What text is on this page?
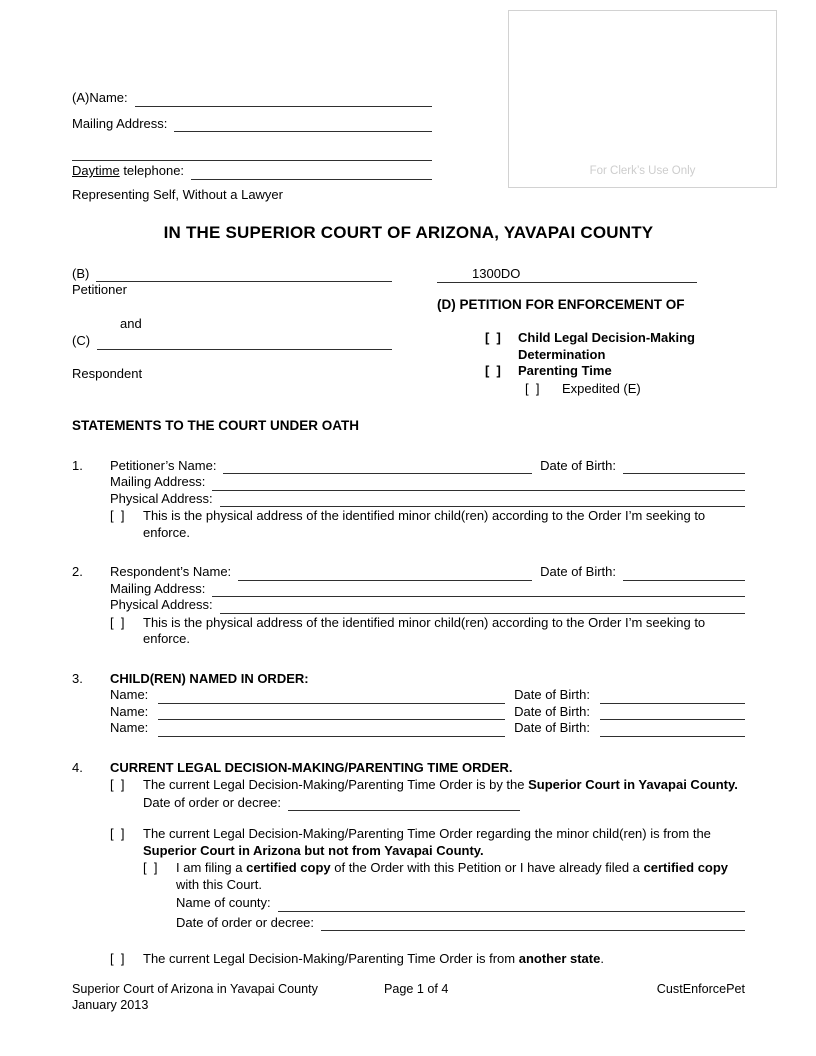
For Clerk’s Use Only
(A)Name:
Mailing Address:
Daytime telephone:
Representing Self, Without a Lawyer
IN THE SUPERIOR COURT OF ARIZONA, YAVAPAI COUNTY
(B)
Petitioner
and
(C)
Respondent
1300DO
(D) PETITION FOR ENFORCEMENT OF
[  ]	Child Legal Decision-Making Determination
[  ]	Parenting Time
[  ]	Expedited (E)
STATEMENTS TO THE COURT UNDER OATH
1.	Petitioner’s Name:	Date of Birth:
Mailing Address:
Physical Address:
[  ]	This is the physical address of the identified minor child(ren) according to the Order I’m seeking to enforce.
2.	Respondent’s Name:	Date of Birth:
Mailing Address:
Physical Address:
[  ]	This is the physical address of the identified minor child(ren) according to the Order I’m seeking to enforce.
3.	CHILD(REN) NAMED IN ORDER:
Name:	Date of Birth:
Name:	Date of Birth:
Name:	Date of Birth:
4.	CURRENT LEGAL DECISION-MAKING/PARENTING TIME ORDER.
[  ]	The current Legal Decision-Making/Parenting Time Order is by the Superior Court in Yavapai County.
Date of order or decree:
[  ]	The current Legal Decision-Making/Parenting Time Order regarding the minor child(ren) is from the Superior Court in Arizona but not from Yavapai County.
[  ]	I am filing a certified copy of the Order with this Petition or I have already filed a certified copy with this Court.
Name of county:
Date of order or decree:
[  ]	The current Legal Decision-Making/Parenting Time Order is from another state.
Superior Court of Arizona in Yavapai County
January 2013
Page 1 of 4	CustEnforcePet
